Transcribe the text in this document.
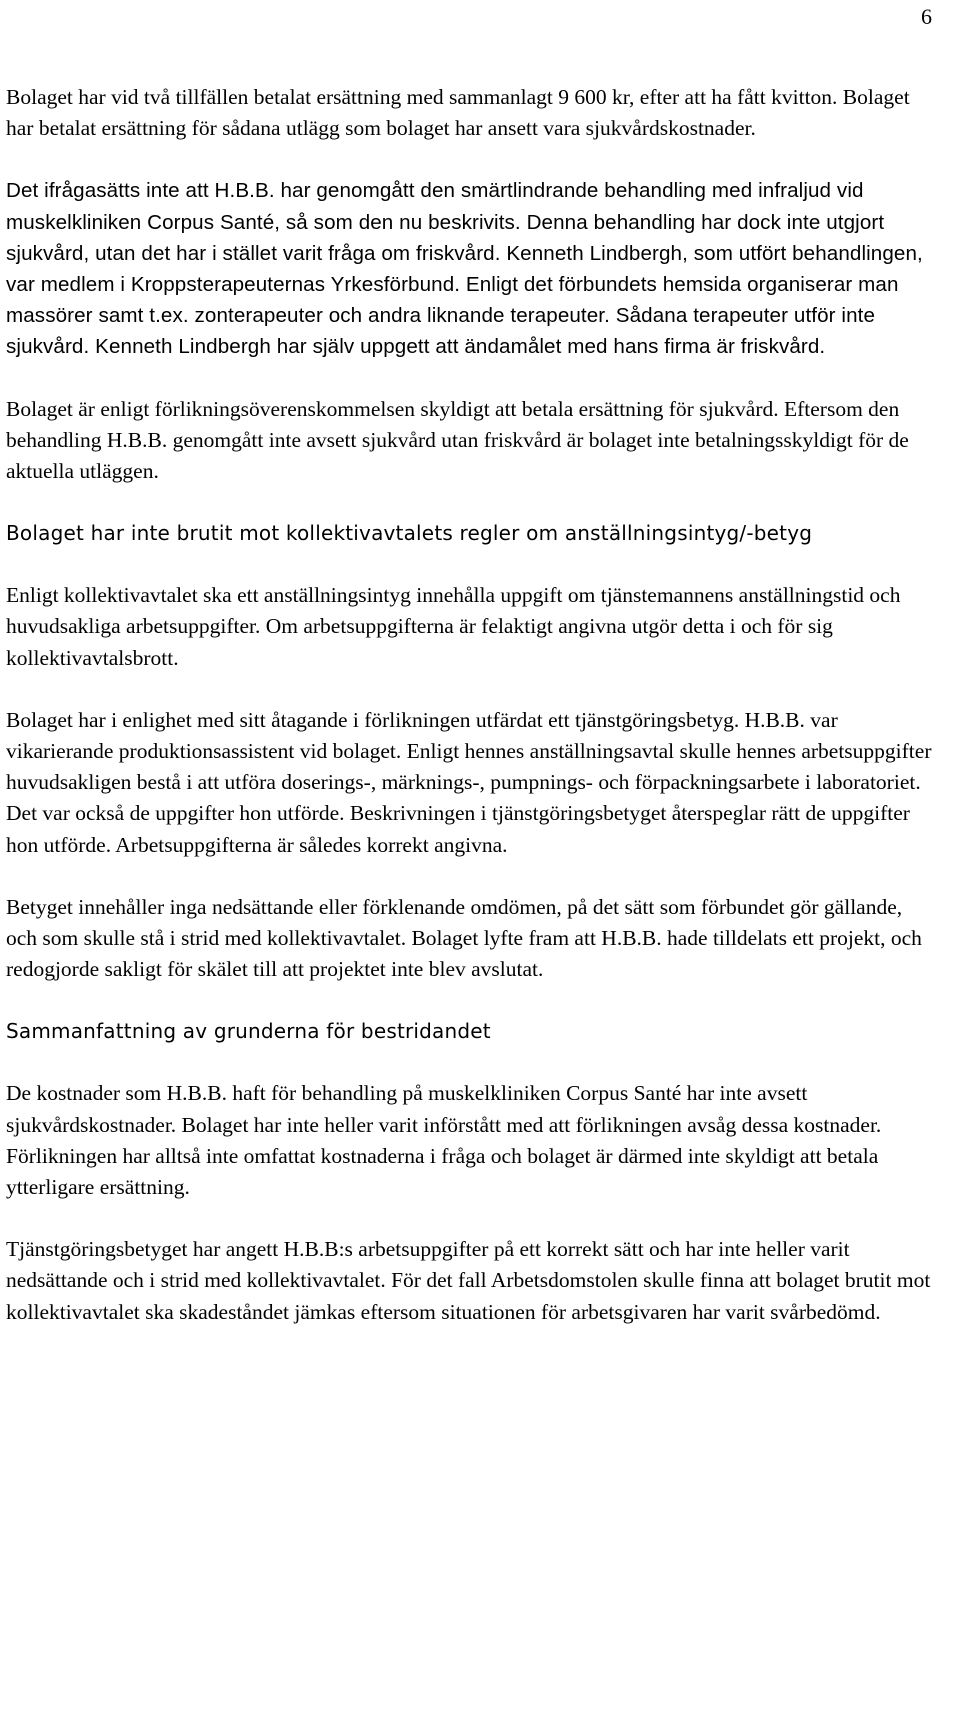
6

Bolaget har vid två tillfällen betalat ersättning med sammanlagt 9 600 kr, efter att ha fått kvitton. Bolaget har betalat ersättning för sådana utlägg som bolaget har ansett vara sjukvårdskostnader.

Det ifrågasätts inte att H.B.B. har genomgått den smärtlindrande behandling med infraljud vid muskelkliniken Corpus Santé, så som den nu beskrivits. Denna behandling har dock inte utgjort sjukvård, utan det har i stället varit fråga om friskvård. Kenneth Lindbergh, som utfört behandlingen, var medlem i Kroppsterapeuternas Yrkesförbund. Enligt det förbundets hemsida organiserar man massörer samt t.ex. zonterapeuter och andra liknande terapeuter. Sådana terapeuter utför inte sjukvård. Kenneth Lindbergh har själv uppgett att ändamålet med hans firma är friskvård.

Bolaget är enligt förlikningsöverenskommelsen skyldigt att betala ersättning för sjukvård. Eftersom den behandling H.B.B. genomgått inte avsett sjukvård utan friskvård är bolaget inte betalningsskyldigt för de aktuella utläggen.

Bolaget har inte brutit mot kollektivavtalets regler om anställningsintyg/-betyg

Enligt kollektivavtalet ska ett anställningsintyg innehålla uppgift om tjänstemannens anställningstid och huvudsakliga arbetsuppgifter. Om arbetsuppgifterna är felaktigt angivna utgör detta i och för sig kollektivavtalsbrott.

Bolaget har i enlighet med sitt åtagande i förlikningen utfärdat ett tjänstgöringsbetyg. H.B.B. var vikarierande produktionsassistent vid bolaget. Enligt hennes anställningsavtal skulle hennes arbetsuppgifter huvudsakligen bestå i att utföra doserings-, märknings-, pumpnings- och förpackningsarbete i laboratoriet. Det var också de uppgifter hon utförde. Beskrivningen i tjänstgöringsbetyget återspeglar rätt de uppgifter hon utförde. Arbetsuppgifterna är således korrekt angivna.

Betyget innehåller inga nedsättande eller förklenande omdömen, på det sätt som förbundet gör gällande, och som skulle stå i strid med kollektivavtalet. Bolaget lyfte fram att H.B.B. hade tilldelats ett projekt, och redogjorde sakligt för skälet till att projektet inte blev avslutat.

Sammanfattning av grunderna för bestridandet

De kostnader som H.B.B. haft för behandling på muskelkliniken Corpus Santé har inte avsett sjukvårdskostnader. Bolaget har inte heller varit införstått med att förlikningen avsåg dessa kostnader. Förlikningen har alltså inte omfattat kostnaderna i fråga och bolaget är därmed inte skyldigt att betala ytterligare ersättning.

Tjänstgöringsbetyget har angett H.B.B:s arbetsuppgifter på ett korrekt sätt och har inte heller varit nedsättande och i strid med kollektivavtalet. För det fall Arbetsdomstolen skulle finna att bolaget brutit mot kollektivavtalet ska skadeståndet jämkas eftersom situationen för arbetsgivaren har varit svårbedömd.
